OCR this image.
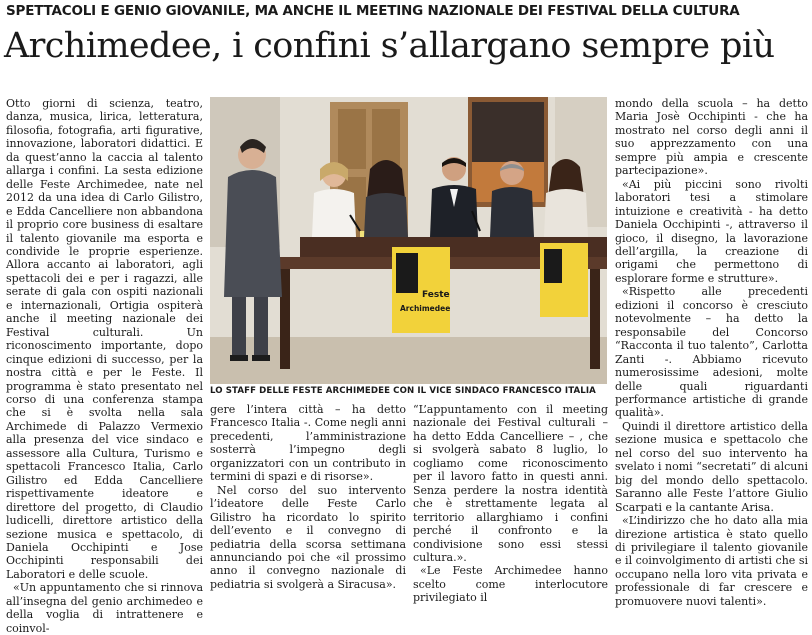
SPETTACOLI E GENIO GIOVANILE, MA ANCHE IL MEETING NAZIONALE DEI FESTIVAL DELLA CULTURA
Archimedee, i confini s’allargano sempre più

Otto giorni di scienza, teatro, danza, musica, lirica, letteratura, filosofia, fotografia, arti figurative, innovazione, laboratori didattici. E da quest’anno la caccia al talento allarga i confini. La sesta edizione delle Feste Archimedee, nate nel 2012 da una idea di Carlo Gilistro, e Edda Cancelliere non abbandona il proprio core business di esaltare il talento giovanile ma esporta e condivide le proprie esperienze. Allora accanto ai laboratori, agli spettacoli dei e per i ragazzi, alle serate di gala con ospiti nazionali e internazionali, Ortigia ospiterà anche il meeting nazionale dei Festival culturali. Un riconoscimento importante, dopo cinque edizioni di successo, per la nostra città e per le Feste. Il programma è stato presentato nel corso di una conferenza stampa che si è svolta nella sala Archimede di Palazzo Vermexio alla presenza del vice sindaco e assessore alla Cultura, Turismo e spettacoli Francesco Italia, Carlo Gilistro ed Edda Cancelliere rispettivamente ideatore e direttore del progetto, di Claudio ludicelli, direttore artistico della sezione musica e spettacolo, di Daniela Occhipinti e Jose Occhipinti responsabili dei Laboratori e delle scuole.

«Un appuntamento che si rinnova all’insegna del genio archimedeo e della voglia di intrattenere e coinvol-

Feste
Archimedee
LO STAFF DELLE FESTE ARCHIMEDEE CON IL VICE SINDACO FRANCESCO ITALIA

gere l’intera città – ha detto Francesco Italia -. Come negli anni precedenti, l’amministrazione sosterrà l’impegno degli organizzatori con un contributo in termini di spazi e di risorse».

Nel corso del suo intervento l’ideatore delle Feste Carlo Gilistro ha ricordato lo spirito dell’evento e il convegno di pediatria della scorsa settimana annunciando poi che «il prossimo anno il convegno nazionale di pediatria si svolgerà a Siracusa».

“L’appuntamento con il meeting nazionale dei Festival culturali – ha detto Edda Cancelliere – , che si svolgerà sabato 8 luglio, lo cogliamo come riconoscimento per il lavoro fatto in questi anni. Senza perdere la nostra identità che è strettamente legata al territorio allarghiamo i confini perché il confronto e la condivisione sono essi stessi cultura.».

«Le Feste Archimedee hanno scelto come interlocutore privilegiato il

mondo della scuola – ha detto Maria Josè Occhipinti - che ha mostrato nel corso degli anni il suo apprezzamento con una sempre più ampia e crescente partecipazione».

«Ai più piccini sono rivolti laboratori tesi a stimolare intuizione e creatività - ha detto Daniela Occhipinti -, attraverso il gioco, il disegno, la lavorazione dell’argilla, la creazione di origami che permettono di esplorare forme e strutture».

«Rispetto alle precedenti edizioni il concorso è cresciuto notevolmente – ha detto la responsabile del Concorso “Racconta il tuo talento”, Carlotta Zanti -. Abbiamo ricevuto numerosissime adesioni, molte delle quali riguardanti performance artistiche di grande qualità».

Quindi il direttore artistico della sezione musica e spettacolo che nel corso del suo intervento ha svelato i nomi “secretati” di alcuni big del mondo dello spettacolo. Saranno alle Feste l’attore Giulio Scarpati e la cantante Arisa.

«L’indirizzo che ho dato alla mia direzione artistica è stato quello di privilegiare il talento giovanile e il coinvolgimento di artisti che si occupano nella loro vita privata e professionale di far crescere e promuovere nuovi talenti».
